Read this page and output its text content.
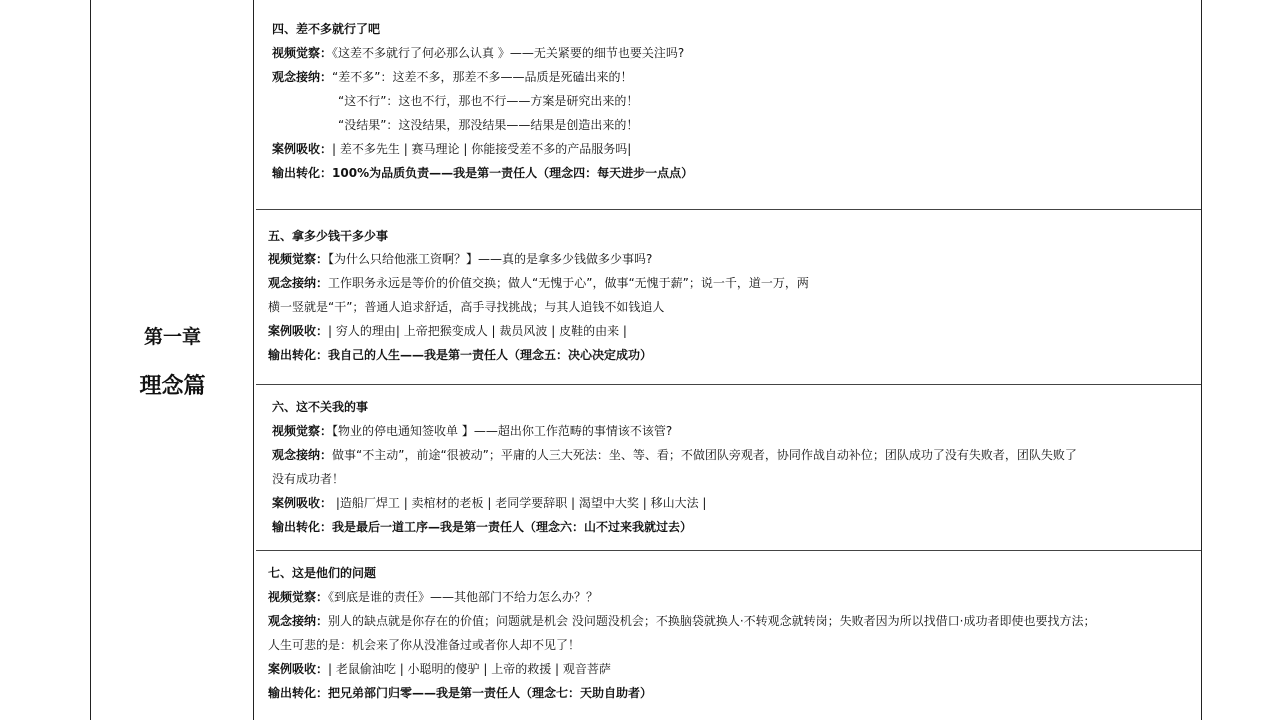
第一章
理念篇
四、差不多就行了吧
视频觉察：《这差不多就行了何必那么认真 》——无关紧要的细节也要关注吗?
观念接纳：“差不多”：这差不多，那差不多——品质是死磕出来的！
“这不行”：这也不行，那也不行——方案是研究出来的！
“没结果”：这没结果，那没结果——结果是创造出来的！
案例吸收：| 差不多先生 | 赛马理论 | 你能接受差不多的产品服务吗|
输出转化：100%为品质负责——我是第一责任人（理念四：每天进步一点点）
五、拿多少钱干多少事
视频觉察：【为什么只给他涨工资啊？】——真的是拿多少钱做多少事吗?
观念接纳：工作职务永远是等价的价值交换；做人“无愧于心”，做事“无愧于薪”；说一千，道一万，两
横一竖就是“干”；普通人追求舒适，高手寻找挑战；与其人追钱不如钱追人
案例吸收：| 穷人的理由| 上帝把猴变成人 | 裁员风波 | 皮鞋的由来 |
输出转化：我自己的人生——我是第一责任人（理念五：决心决定成功）
六、这不关我的事
视频觉察：【物业的停电通知签收单 】——超出你工作范畴的事情该不该管?
观念接纳：做事“不主动”，前途“很被动”；平庸的人三大死法：坐、等、看；不做团队旁观者，协同作战自动补位；团队成功了没有失败者，团队失败了
没有成功者！
案例吸收： |造船厂焊工 | 卖棺材的老板 | 老同学要辞职 | 渴望中大奖 | 移山大法 |
输出转化：我是最后一道工序—我是第一责任人（理念六：山不过来我就过去）
七、这是他们的问题
视频觉察：《到底是谁的责任》——其他部门不给力怎么办？？
观念接纳：别人的缺点就是你存在的价值；问题就是机会 没问题没机会；不换脑袋就换人·不转观念就转岗；失败者因为所以找借口·成功者即使也要找方法；
人生可悲的是：机会来了你从没准备过或者你人却不见了！
案例吸收：| 老鼠偷油吃 | 小聪明的傻驴 | 上帝的救援 | 观音菩萨
输出转化：把兄弟部门归零——我是第一责任人（理念七：天助自助者）
